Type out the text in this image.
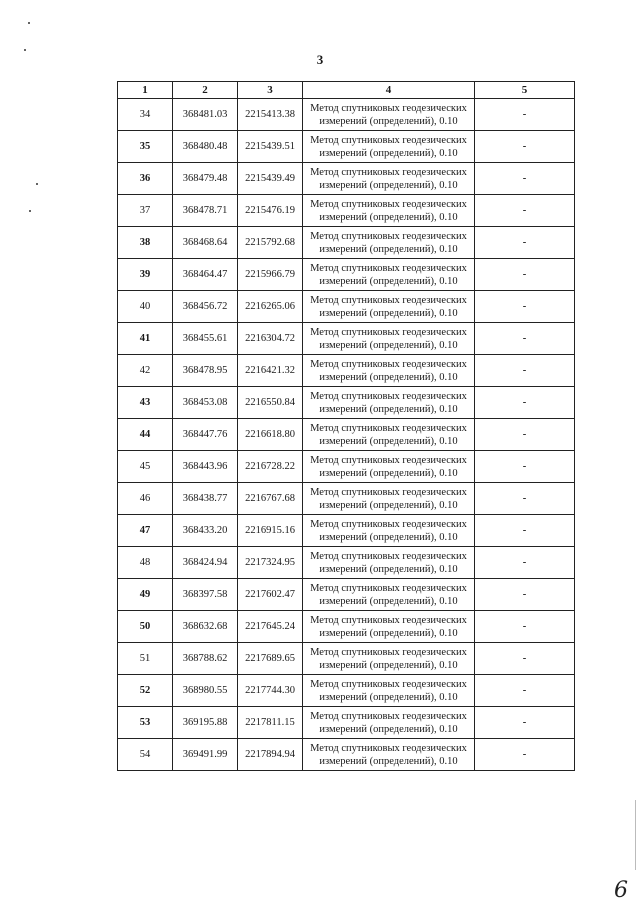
3
1	2	3	4	5
34	368481.03	2215413.38	Метод спутниковых геодезических
измерений (определений), 0.10	-
35	368480.48	2215439.51	Метод спутниковых геодезических
измерений (определений), 0.10	-
36	368479.48	2215439.49	Метод спутниковых геодезических
измерений (определений), 0.10	-
37	368478.71	2215476.19	Метод спутниковых геодезических
измерений (определений), 0.10	-
38	368468.64	2215792.68	Метод спутниковых геодезических
измерений (определений), 0.10	-
39	368464.47	2215966.79	Метод спутниковых геодезических
измерений (определений), 0.10	-
40	368456.72	2216265.06	Метод спутниковых геодезических
измерений (определений), 0.10	-
41	368455.61	2216304.72	Метод спутниковых геодезических
измерений (определений), 0.10	-
42	368478.95	2216421.32	Метод спутниковых геодезических
измерений (определений), 0.10	-
43	368453.08	2216550.84	Метод спутниковых геодезических
измерений (определений), 0.10	-
44	368447.76	2216618.80	Метод спутниковых геодезических
измерений (определений), 0.10	-
45	368443.96	2216728.22	Метод спутниковых геодезических
измерений (определений), 0.10	-
46	368438.77	2216767.68	Метод спутниковых геодезических
измерений (определений), 0.10	-
47	368433.20	2216915.16	Метод спутниковых геодезических
измерений (определений), 0.10	-
48	368424.94	2217324.95	Метод спутниковых геодезических
измерений (определений), 0.10	-
49	368397.58	2217602.47	Метод спутниковых геодезических
измерений (определений), 0.10	-
50	368632.68	2217645.24	Метод спутниковых геодезических
измерений (определений), 0.10	-
51	368788.62	2217689.65	Метод спутниковых геодезических
измерений (определений), 0.10	-
52	368980.55	2217744.30	Метод спутниковых геодезических
измерений (определений), 0.10	-
53	369195.88	2217811.15	Метод спутниковых геодезических
измерений (определений), 0.10	-
54	369491.99	2217894.94	Метод спутниковых геодезических
измерений (определений), 0.10	-
6
